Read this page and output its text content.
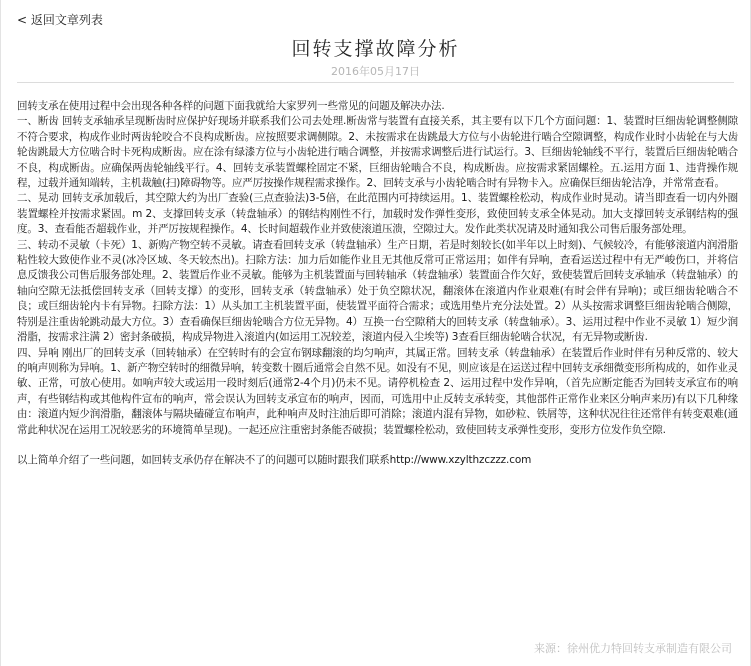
< 返回文章列表
回转支撑故障分析
2016年05月17日

回转支承在使用过程中会出现各种各样的问题下面我就给大家罗列一些常见的问题及解决办法.

一、断齿 回转支承轴承呈现断齿时应保护好现场并联系我们公司去处理.断齿常与装置有直接关系，其主要有以下几个方面问题：1、装置时巨细齿轮调整侧隙不符合要求，构成作业时两齿轮咬合不良构成断齿。应按照要求调侧隙。2、未按需求在齿跳最大方位与小齿轮进行啮合空隙调整，构成作业时小齿轮在与大齿轮齿跳最大方位啮合时卡死构成断齿。应在涂有绿漆方位与小齿轮进行啮合调整，并按需求调整后进行试运行。3、巨细齿轮轴线不平行，装置后巨细齿轮啮合不良，构成断齿。应确保两齿轮轴线平行。4、回转支承装置螺栓固定不紧，巨细齿轮啮合不良，构成断齿。应按需求紧固螺栓。五.运用方面 1、违背操作规程，过载并通知端转，主机裁触(扫)障碍物等。应严厉按操作规程需求操作。2、回转支承与小齿轮啮合时有异物卡入。应确保巨细齿轮洁净，并常常查看。

二、晃动 回转支承加载后，其空隙大约为出厂查验(三点查验法)3-5倍，在此范围内可持续运用。1、装置螺栓松动，构成作业时晃动。请当即查看一切内外圈装置螺栓并按需求紧固。m 2、支撑回转支承（转盘轴承）的钢结构刚性不行，加载时发作弹性变形，致使回转支承全体晃动。加大支撑回转支承钢结构的强度。3、查看能否超载作业，并严厉按规程操作。4、长时间超载作业并致使滚道压溃，空隙过大。发作此类状况请及时通知我公司售后服务部处理。

三、转动不灵敏（卡死）1、新购产物空转不灵敏。请查看回转支承（转盘轴承）生产日期，若是时刻较长(如半年以上时刻)、气候较冷，有能够滚道内润滑脂粘性较大致使作业不灵(冰冷区域、冬天较杰出)。扫除方法：加力后如能作业且无其他反常可正常运用；如伴有异响，查看运送过程中有无严峻伤口，并将信息反馈我公司售后服务部处理。2、装置后作业不灵敏。能够为主机装置面与回转轴承（转盘轴承）装置面合作欠好，致使装置后回转支承轴承（转盘轴承）的轴向空隙无法抵偿回转支承（回转支撑）的变形，回转支承（转盘轴承）处于负空隙状况，翻滚体在滚道内作业艰难(有时会伴有异响)；或巨细齿轮啮合不良；或巨细齿轮内卡有异物。扫除方法：1）从头加工主机装置平面，使装置平面符合需求；或选用垫片充分法处置。2）从头按需求调整巨细齿轮啮合侧隙，特别是注重齿轮跳动最大方位。3）查看确保巨细齿轮啮合方位无异物。4）互换一台空隙稍大的回转支承（转盘轴承）。3、运用过程中作业不灵敏 1）短少润滑脂，按需求注满 2）密封条破损，构成异物进入滚道内(如运用工况较差，滚道内侵入尘埃等) 3查看巨细齿轮啮合状况，有无异物或断齿.

四、异响 刚出厂的回转支承（回转轴承）在空转时有的会宣布钢球翻滚的均匀响声，其属正常。回转支承（转盘轴承）在装置后作业时伴有另种反常的、较大的响声则称为异响。1、新产物空转时的细微异响，转变数十圈后通常会自然不见。如没有不见，则应该是在运送过程中回转支承细微变形所构成的，如作业灵敏、正常，可放心使用。如响声较大或运用一段时刻后(通常2-4个月)仍未不见。请停机检查 2、运用过程中发作异响，（首先应断定能否为回转支承宣布的响声，有些钢结构或其他构件宣布的响声，常会误认为回转支承宣布的响声，因而，可选用中止反转支承转变，其他部件正常作业来区分响声来历)有以下几种缘由：滚道内短少润滑脂，翻滚体与隔块磕碰宣布响声，此种响声及时注油后即可消除；滚道内混有异物，如砂粒、铁屑等，这种状况往往还常伴有转变艰难(通常此种状况在运用工况较恶劣的环境简单呈现)。一起还应注重密封条能否破损；装置螺栓松动，致使回转支承弹性变形，变形方位发作负空隙.

以上简单介绍了一些问题，如回转支承仍存在解决不了的问题可以随时跟我们联系http://www.xzylthzczzz.com

来源：徐州优力特回转支承制造有限公司
